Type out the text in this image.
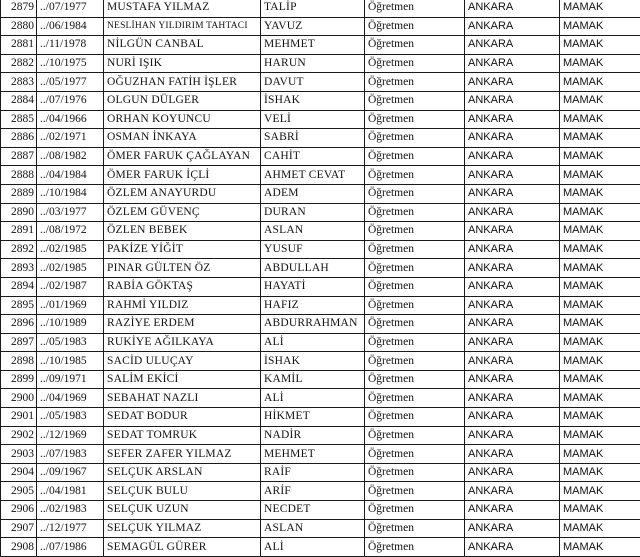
2879	../07/1977	MUSTAFA YILMAZ	TALİP	Öğretmen	ANKARA	MAMAK
2880	../06/1984	NESLİHAN YILDIRIM TAHTACI	YAVUZ	Öğretmen	ANKARA	MAMAK
2881	../11/1978	NİLGÜN CANBAL	MEHMET	Öğretmen	ANKARA	MAMAK
2882	../10/1975	NURİ IŞIK	HARUN	Öğretmen	ANKARA	MAMAK
2883	../05/1977	OĞUZHAN FATİH İŞLER	DAVUT	Öğretmen	ANKARA	MAMAK
2884	../07/1976	OLGUN DÜLGER	İSHAK	Öğretmen	ANKARA	MAMAK
2885	../04/1966	ORHAN KOYUNCU	VELİ	Öğretmen	ANKARA	MAMAK
2886	../02/1971	OSMAN İNKAYA	SABRİ	Öğretmen	ANKARA	MAMAK
2887	../08/1982	ÖMER FARUK ÇAĞLAYAN	CAHİT	Öğretmen	ANKARA	MAMAK
2888	../04/1984	ÖMER FARUK İÇLİ	AHMET CEVAT	Öğretmen	ANKARA	MAMAK
2889	../10/1984	ÖZLEM ANAYURDU	ADEM	Öğretmen	ANKARA	MAMAK
2890	../03/1977	ÖZLEM GÜVENÇ	DURAN	Öğretmen	ANKARA	MAMAK
2891	../08/1972	ÖZLEN BEBEK	ASLAN	Öğretmen	ANKARA	MAMAK
2892	../02/1985	PAKİZE YİĞİT	YUSUF	Öğretmen	ANKARA	MAMAK
2893	../02/1985	PINAR GÜLTEN ÖZ	ABDULLAH	Öğretmen	ANKARA	MAMAK
2894	../02/1987	RABİA GÖKTAŞ	HAYATİ	Öğretmen	ANKARA	MAMAK
2895	../01/1969	RAHMİ YILDIZ	HAFIZ	Öğretmen	ANKARA	MAMAK
2896	../10/1989	RAZİYE ERDEM	ABDURRAHMAN	Öğretmen	ANKARA	MAMAK
2897	../05/1983	RUKİYE AĞILKAYA	ALİ	Öğretmen	ANKARA	MAMAK
2898	../10/1985	SACİD ULUÇAY	İSHAK	Öğretmen	ANKARA	MAMAK
2899	../09/1971	SALİM EKİCİ	KAMİL	Öğretmen	ANKARA	MAMAK
2900	../04/1969	SEBAHAT NAZLI	ALİ	Öğretmen	ANKARA	MAMAK
2901	../05/1983	SEDAT BODUR	HİKMET	Öğretmen	ANKARA	MAMAK
2902	../12/1969	SEDAT TOMRUK	NADİR	Öğretmen	ANKARA	MAMAK
2903	../07/1983	SEFER ZAFER YILMAZ	MEHMET	Öğretmen	ANKARA	MAMAK
2904	../09/1967	SELÇUK ARSLAN	RAİF	Öğretmen	ANKARA	MAMAK
2905	../04/1981	SELÇUK BULU	ARİF	Öğretmen	ANKARA	MAMAK
2906	../02/1983	SELÇUK UZUN	NECDET	Öğretmen	ANKARA	MAMAK
2907	../12/1977	SELÇUK YILMAZ	ASLAN	Öğretmen	ANKARA	MAMAK
2908	../07/1986	SEMAGÜL GÜRER	ALİ	Öğretmen	ANKARA	MAMAK
